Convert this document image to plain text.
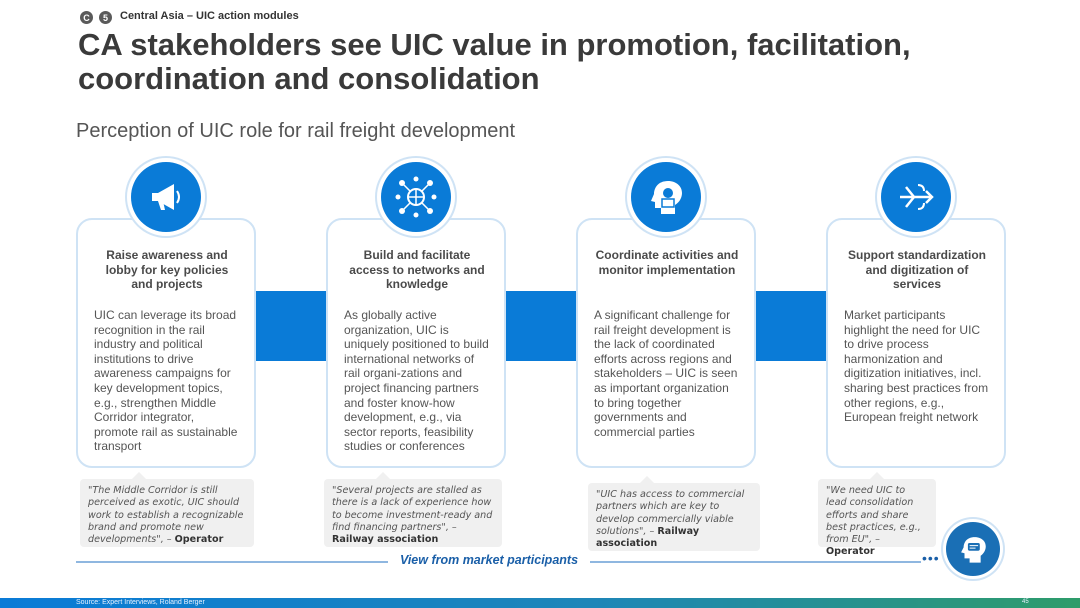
C	5	Central Asia – UIC action modules
CA stakeholders see UIC value in promotion, facilitation, coordination and consolidation
Perception of UIC role for rail freight development
Raise awareness and lobby for key policies and projects
UIC can leverage its broad recognition in the rail industry and political institutions to drive awareness campaigns for key development topics, e.g., strengthen Middle Corridor integrator, promote rail as sustainable transport
Build and facilitate access to networks and knowledge
As globally active organization, UIC is uniquely positioned to build international networks of rail organi-zations and project financing partners and foster know-how development, e.g., via sector reports, feasibility studies or conferences
Coordinate activities and monitor implementation
A significant challenge for rail freight development is the lack of coordinated efforts across regions and stakeholders – UIC is seen as important organization to bring together governments and commercial parties
Support standardization and digitization of services
Market participants highlight the need for UIC to drive process harmonization and digitization initiatives, incl. sharing best practices from other regions, e.g., European freight network
"The Middle Corridor is still perceived as exotic, UIC should work to establish a recognizable brand and promote new developments", – Operator
"Several projects are stalled as there is a lack of experience how to become investment-ready and find financing partners", – Railway association
"UIC has access to commercial partners which are key to develop commercially viable solutions", – Railway association
"We need UIC to lead consolidation efforts and share best practices, e.g., from EU", – Operator
View from market participants	•••
Source: Expert Interviews, Roland Berger	45
